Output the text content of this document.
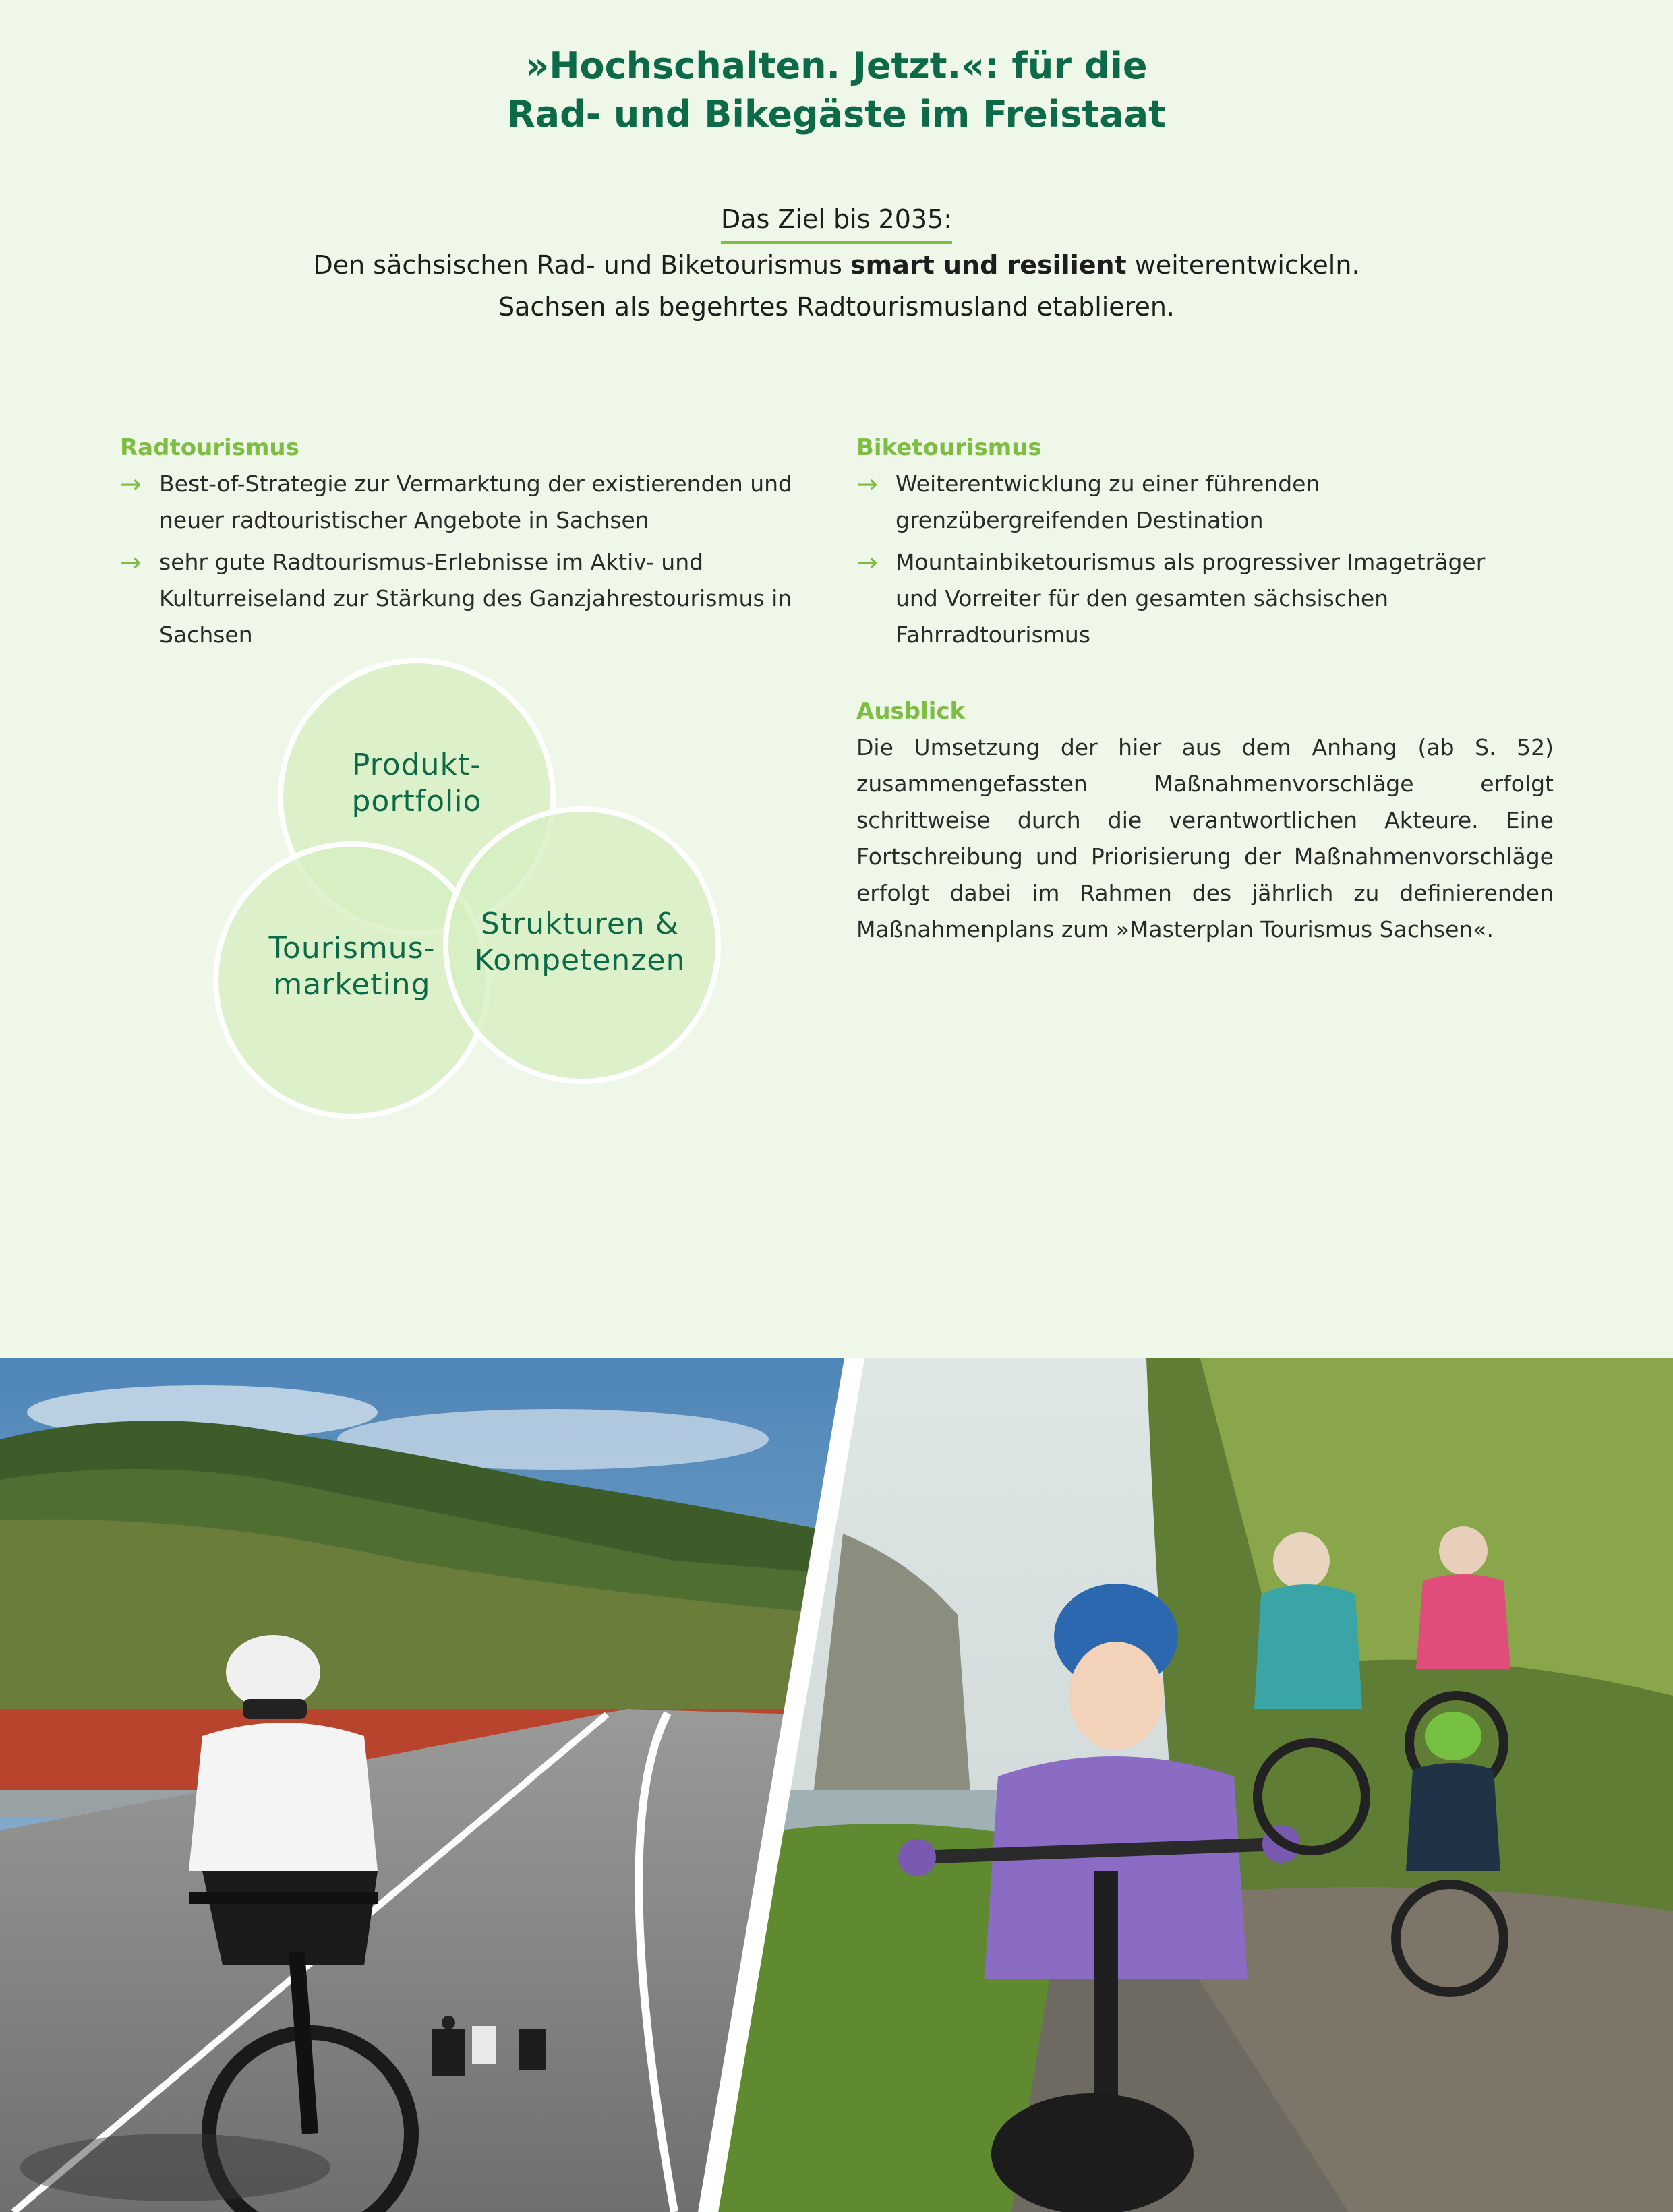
»Hochschalten. Jetzt.«: für die
Rad- und Bikegäste im Freistaat
Das Ziel bis 2035:
Den sächsischen Rad- und Biketourismus smart und resilient weiterentwickeln.
Sachsen als begehrtes Radtourismusland etablieren.
Radtourismus
→ Best-of-Strategie zur Vermarktung der existierenden und neuer radtouristischer Angebote in Sachsen
→ sehr gute Radtourismus-Erlebnisse im Aktiv- und Kulturreiseland zur Stärkung des Ganzjahrestourismus in Sachsen
Biketourismus
→ Weiterentwicklung zu einer führenden grenzübergreifenden Destination
→ Mountainbiketourismus als progressiver Imageträger und Vorreiter für den gesamten sächsischen Fahrradtourismus
Produkt-
portfolio
Tourismus-
marketing
Strukturen &
Kompetenzen
Ausblick

Die Umsetzung der hier aus dem Anhang (ab S. 52) zusammengefassten Maßnahmenvorschläge erfolgt schrittweise durch die verantwortlichen Akteure. Eine Fortschreibung und Priorisierung der Maßnahmenvorschläge erfolgt dabei im Rahmen des jährlich zu definierenden Maßnahmenplans zum »Masterplan Tourismus Sachsen«.
